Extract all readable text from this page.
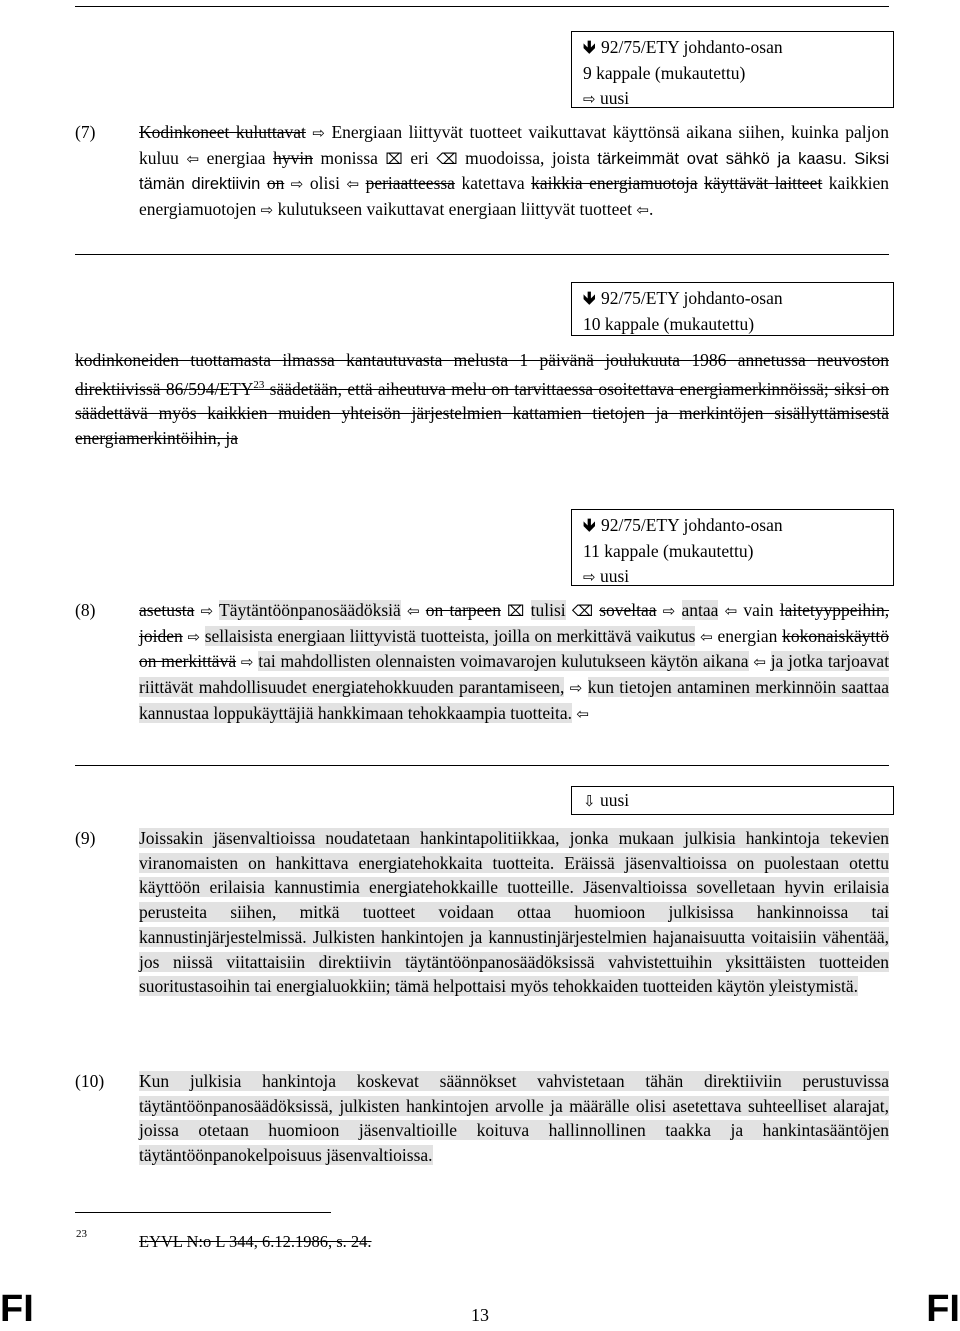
🡻 92/75/ETY johdanto-osan
9 kappale (mukautettu)
⇨ uusi
(7) Kodinkoneet kuluttavat ⇨ Energiaan liittyvät tuotteet vaikuttavat käyttönsä aikana siihen, kuinka paljon kuluu ⇦ energiaa hyvin monissa ⌧ eri ⌫ muodoissa, joista tärkeimmät ovat sähkö ja kaasu. Siksi tämän direktiivin on ⇨ olisi ⇦ periaatteessa katettava kaikkia energiamuotoja käyttävät laitteet kaikkien energiamuotojen ⇨ kulutukseen vaikuttavat energiaan liittyvät tuotteet ⇦.
🡻 92/75/ETY johdanto-osan
10 kappale (mukautettu)
kodinkoneiden tuottamasta ilmassa kantautuvasta melusta 1 päivänä joulukuuta 1986 annetussa neuvoston direktiivissä 86/594/ETY$^{23}$ säädetään, että aiheutuva melu on tarvittaessa osoitettava energiamerkinnöissä; siksi on säädettävä myös kaikkien muiden yhteisön järjestelmien kattamien tietojen ja merkintöjen sisällyttämisestä energiamerkintöihin, ja
🡻 92/75/ETY johdanto-osan
11 kappale (mukautettu)
⇨ uusi
(8) asetusta ⇨ Täytäntöönpanosäädöksiä ⇦ on tarpeen ⌧ tulisi ⌫ soveltaa ⇨ antaa ⇦ vain laitetyyppeihin, joiden ⇨ sellaisista energiaan liittyvistä tuotteista, joilla on merkittävä vaikutus ⇦ energian kokonaiskäyttö on merkittävä ⇨ tai mahdollisten olennaisten voimavarojen kulutukseen käytön aikana ⇦ ja jotka tarjoavat riittävät mahdollisuudet energiatehokkuuden parantamiseen, ⇨ kun tietojen antaminen merkinnöin saattaa kannustaa loppukäyttäjiä hankkimaan tehokkaampia tuotteita. ⇦
⇩ uusi
(9) Joissakin jäsenvaltioissa noudatetaan hankintapolitiikkaa, jonka mukaan julkisia hankintoja tekevien viranomaisten on hankittava energiatehokkaita tuotteita. Eräissä jäsenvaltioissa on puolestaan otettu käyttöön erilaisia kannustimia energiatehokkaille tuotteille. Jäsenvaltioissa sovelletaan hyvin erilaisia perusteita siihen, mitkä tuotteet voidaan ottaa huomioon julkisissa hankinnoissa tai kannustinjärjestelmissä. Julkisten hankintojen ja kannustinjärjestelmien hajanaisuutta voitaisiin vähentää, jos niissä viitattaisiin direktiivin täytäntöönpanosäädöksissä vahvistettuihin yksittäisten tuotteiden suoritustasoihin tai energialuokkiin; tämä helpottaisi myös tehokkaiden tuotteiden käytön yleistymistä.
(10) Kun julkisia hankintoja koskevat säännökset vahvistetaan tähän direktiiviin perustuvissa täytäntöönpanosäädöksissä, julkisten hankintojen arvolle ja määrälle olisi asetettava suhteelliset alarajat, joissa otetaan huomioon jäsenvaltioille koituva hallinnollinen taakka ja hankintasääntöjen täytäntöönpanokelpoisuus jäsenvaltioissa.
23	EYVL N:o L 344, 6.12.1986, s. 24.
FI	13	FI
